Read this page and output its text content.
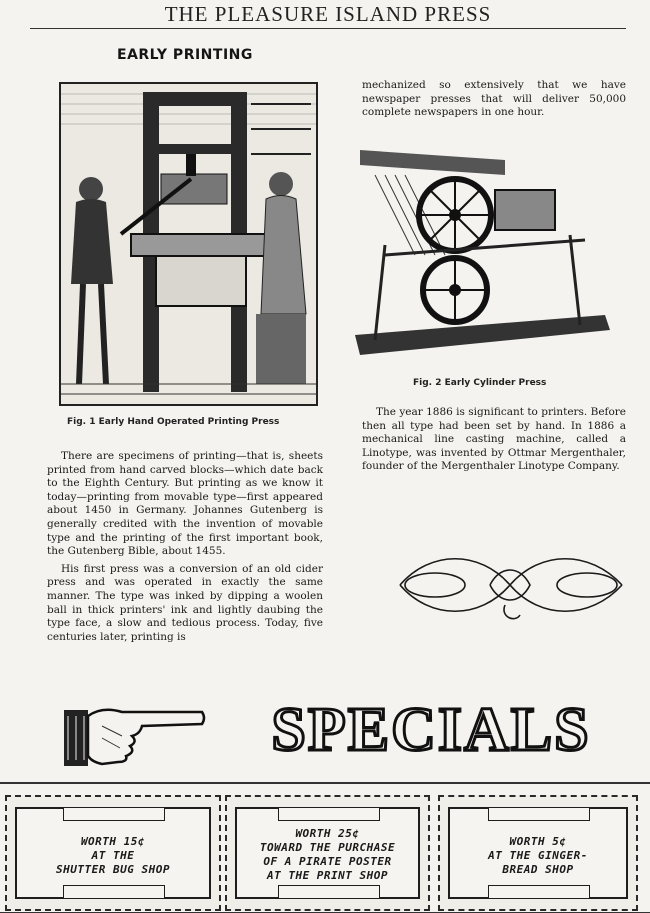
THE PLEASURE ISLAND PRESS
EARLY PRINTING
Fig. 1 Early Hand Operated Printing Press
Fig. 2 Early Cylinder Press

mechanized so extensively that we have newspaper presses that will deliver 50,000 complete newspapers in one hour.

The year 1886 is significant to printers. Before then all type had been set by hand. In 1886 a mechanical line casting machine, called a Linotype, was invented by Ottmar Mergenthaler, founder of the Mergenthaler Linotype Company.

There are specimens of printing—that is, sheets printed from hand carved blocks—which date back to the Eighth Century. But printing as we know it today—printing from movable type—first appeared about 1450 in Germany. Johannes Gutenberg is generally credited with the invention of movable type and the printing of the first important book, the Gutenberg Bible, about 1455.

His first press was a conversion of an old cider press and was operated in exactly the same manner. The type was inked by dipping a woolen ball in thick printers' ink and lightly daubing the type face, a slow and tedious process. Today, five centuries later, printing is

SPECIALS
WORTH 15¢
AT THE
SHUTTER BUG SHOP
WORTH 25¢
TOWARD THE PURCHASE
OF A PIRATE POSTER
AT THE PRINT SHOP
WORTH 5¢
AT THE GINGER-
BREAD SHOP
